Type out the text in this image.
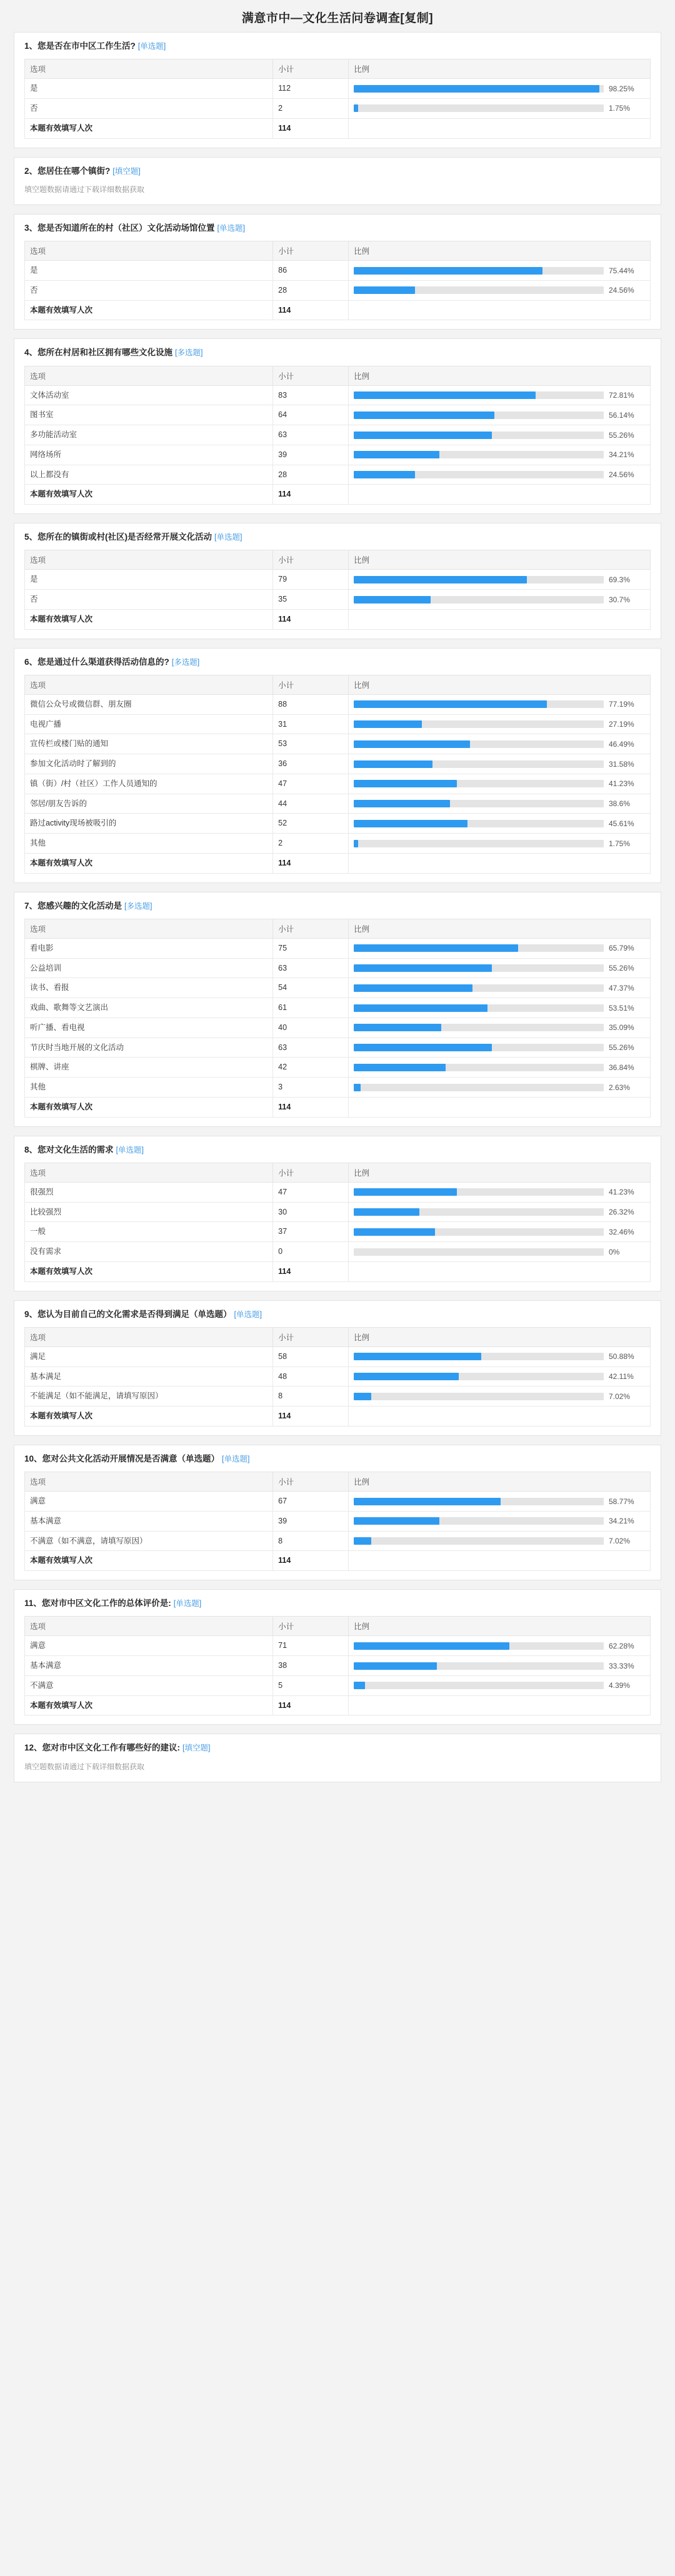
满意市中—文化生活问卷调查[复制]
1、您是否在市中区工作生活? [单选题]
选项	小计	比例
是	112	98.25%

否	2	1.75%

本题有效填写人次	114	
2、您居住在哪个镇街? [填空题]
填空题数据请通过下载详细数据获取
3、您是否知道所在的村（社区）文化活动场馆位置 [单选题]
选项	小计	比例
是	86	75.44%

否	28	24.56%

本题有效填写人次	114	
4、您所在村居和社区拥有哪些文化设施 [多选题]
选项	小计	比例
文体活动室	83	72.81%

图书室	64	56.14%

多功能活动室	63	55.26%

网络场所	39	34.21%

以上都没有	28	24.56%

本题有效填写人次	114	
5、您所在的镇街或村(社区)是否经常开展文化活动 [单选题]
选项	小计	比例
是	79	69.3%

否	35	30.7%

本题有效填写人次	114	
6、您是通过什么渠道获得活动信息的? [多选题]
选项	小计	比例
微信公众号或微信群、朋友圈	88	77.19%

电视广播	31	27.19%

宣传栏或楼门贴的通知	53	46.49%

参加文化活动时了解到的	36	31.58%

镇（街）/村（社区）工作人员通知的	47	41.23%

邻居/朋友告诉的	44	38.6%

路过activity现场被吸引的	52	45.61%

其他	2	1.75%

本题有效填写人次	114	
7、您感兴趣的文化活动是 [多选题]
选项	小计	比例
看电影	75	65.79%

公益培训	63	55.26%

读书、看报	54	47.37%

戏曲、歌舞等文艺演出	61	53.51%

听广播、看电视	40	35.09%

节庆时当地开展的文化活动	63	55.26%

棋牌、讲座	42	36.84%

其他	3	2.63%

本题有效填写人次	114	
8、您对文化生活的需求 [单选题]
选项	小计	比例
很强烈	47	41.23%

比较强烈	30	26.32%

一般	37	32.46%

没有需求	0	0%

本题有效填写人次	114	
9、您认为目前自己的文化需求是否得到满足（单选题） [单选题]
选项	小计	比例
满足	58	50.88%

基本满足	48	42.11%

不能满足（如不能满足，请填写原因）	8	7.02%

本题有效填写人次	114	
10、您对公共文化活动开展情况是否满意（单选题） [单选题]
选项	小计	比例
满意	67	58.77%

基本满意	39	34.21%

不满意（如不满意，请填写原因）	8	7.02%

本题有效填写人次	114	
11、您对市中区文化工作的总体评价是: [单选题]
选项	小计	比例
满意	71	62.28%

基本满意	38	33.33%

不满意	5	4.39%

本题有效填写人次	114	
12、您对市中区文化工作有哪些好的建议: [填空题]
填空题数据请通过下载详细数据获取
